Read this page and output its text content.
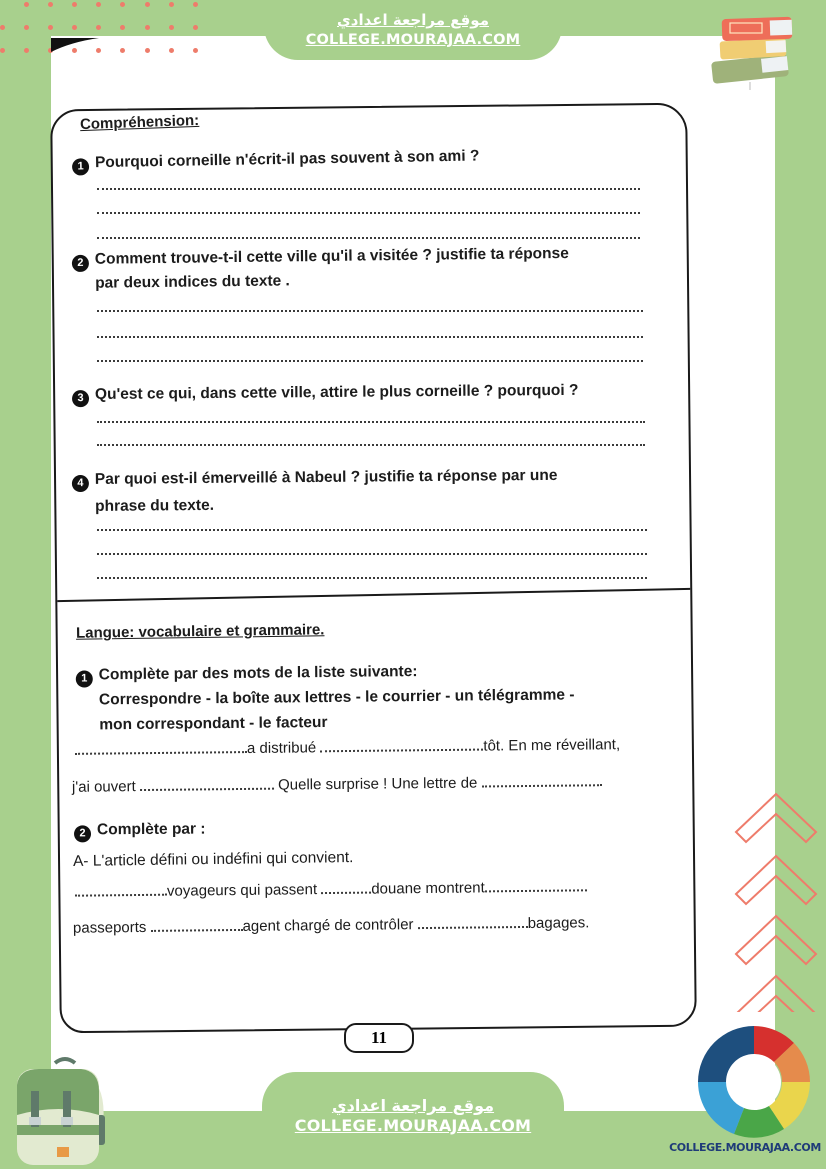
موقع مراجعة اعدادي
COLLEGE.MOURAJAA.COM
Compréhension:
1 Pourquoi corneille n'écrit-il pas souvent à son ami ?
2 Comment trouve-t-il cette ville qu'il a visitée ? justifie ta réponse
par deux indices du texte .
3 Qu'est ce qui, dans cette ville, attire le plus corneille ? pourquoi ?
4 Par quoi est-il émerveillé à Nabeul ? justifie ta réponse par une
phrase du texte.
Langue: vocabulaire et grammaire.
1 Complète par des mots de la liste suivante:
Correspondre - la boîte aux lettres - le courrier - un télégramme -
mon correspondant - le facteur
a distribué	tôt. En me réveillant,
j'ai ouvert	Quelle surprise ! Une lettre de
2 Complète par :
A- L'article défini ou indéfini qui convient.
voyageurs qui passent	douane montrent
passeports	agent chargé de contrôler	bagages.
11
موقع مراجعة اعدادي
COLLEGE.MOURAJAA.COM
COLLEGE.MOURAJAA.COM
